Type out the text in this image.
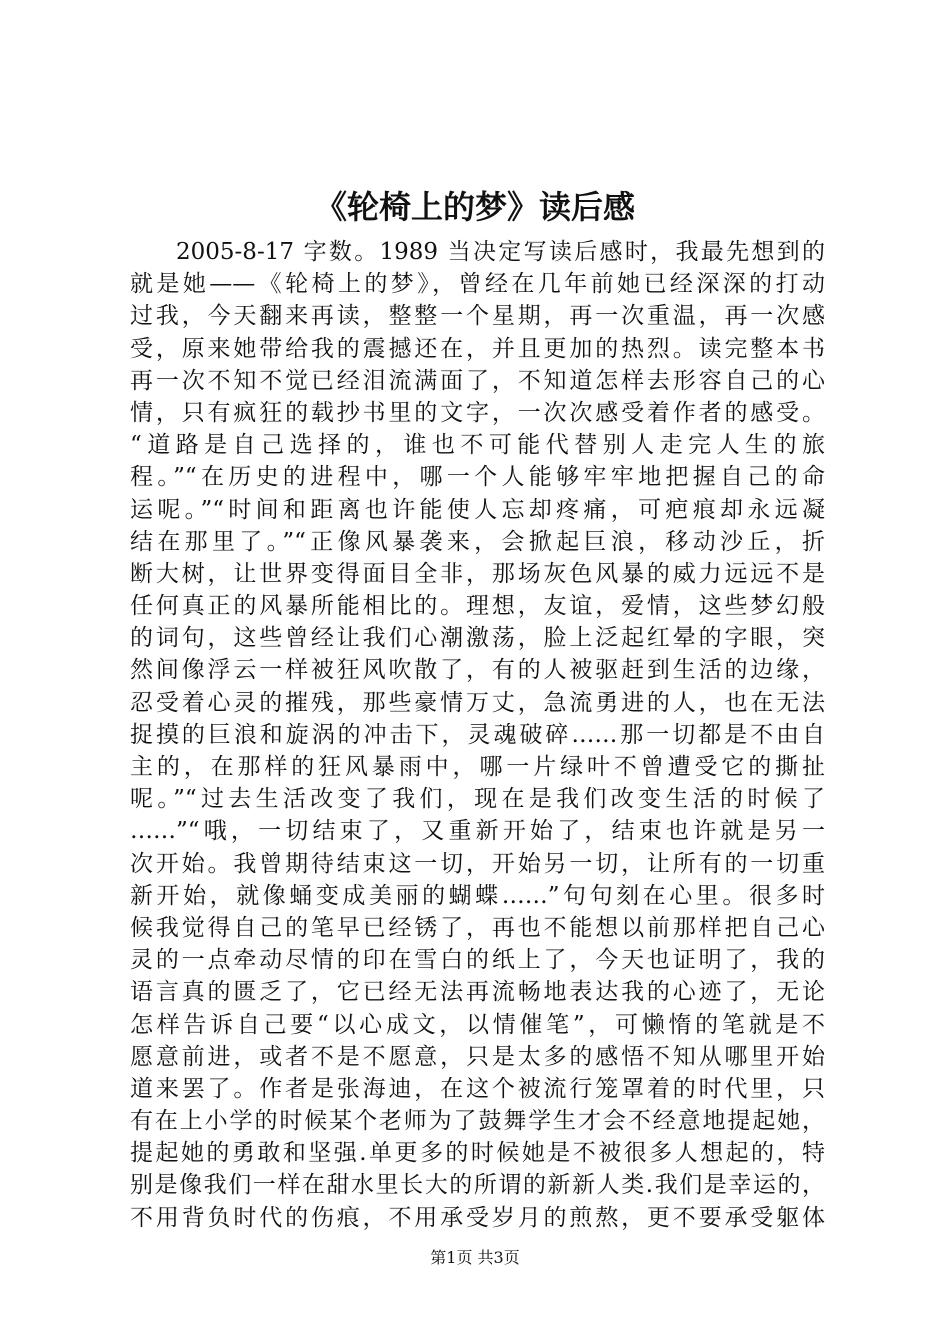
《轮椅上的梦》读后感
2005-8-17 字数。1989 当决定写读后感时，我最先想到的
就是她——《轮椅上的梦》，曾经在几年前她已经深深的打动
过我，今天翻来再读，整整一个星期，再一次重温，再一次感
受，原来她带给我的震撼还在，并且更加的热烈。读完整本书
再一次不知不觉已经泪流满面了，不知道怎样去形容自己的心
情，只有疯狂的载抄书里的文字，一次次感受着作者的感受。
“道路是自己选择的，谁也不可能代替别人走完人生的旅
程。”“在历史的进程中，哪一个人能够牢牢地把握自己的命
运呢。”“时间和距离也许能使人忘却疼痛，可疤痕却永远凝
结在那里了。”“正像风暴袭来，会掀起巨浪，移动沙丘，折
断大树，让世界变得面目全非，那场灰色风暴的威力远远不是
任何真正的风暴所能相比的。理想，友谊，爱情，这些梦幻般
的词句，这些曾经让我们心潮激荡，脸上泛起红晕的字眼，突
然间像浮云一样被狂风吹散了，有的人被驱赶到生活的边缘，
忍受着心灵的摧残，那些豪情万丈，急流勇进的人，也在无法
捉摸的巨浪和旋涡的冲击下，灵魂破碎……那一切都是不由自
主的，在那样的狂风暴雨中，哪一片绿叶不曾遭受它的撕扯
呢。”“过去生活改变了我们，现在是我们改变生活的时候了
……”“哦，一切结束了，又重新开始了，结束也许就是另一
次开始。我曾期待结束这一切，开始另一切，让所有的一切重
新开始，就像蛹变成美丽的蝴蝶……”句句刻在心里。很多时
候我觉得自己的笔早已经锈了，再也不能想以前那样把自己心
灵的一点牵动尽情的印在雪白的纸上了，今天也证明了，我的
语言真的匮乏了，它已经无法再流畅地表达我的心迹了，无论
怎样告诉自己要“以心成文，以情催笔”，可懒惰的笔就是不
愿意前进，或者不是不愿意，只是太多的感悟不知从哪里开始
道来罢了。作者是张海迪，在这个被流行笼罩着的时代里，只
有在上小学的时候某个老师为了鼓舞学生才会不经意地提起她，
提起她的勇敢和坚强.单更多的时候她是不被很多人想起的，特
别是像我们一样在甜水里长大的所谓的新新人类.我们是幸运的，
不用背负时代的伤痕，不用承受岁月的煎熬，更不要承受躯体
第1页 共3页
